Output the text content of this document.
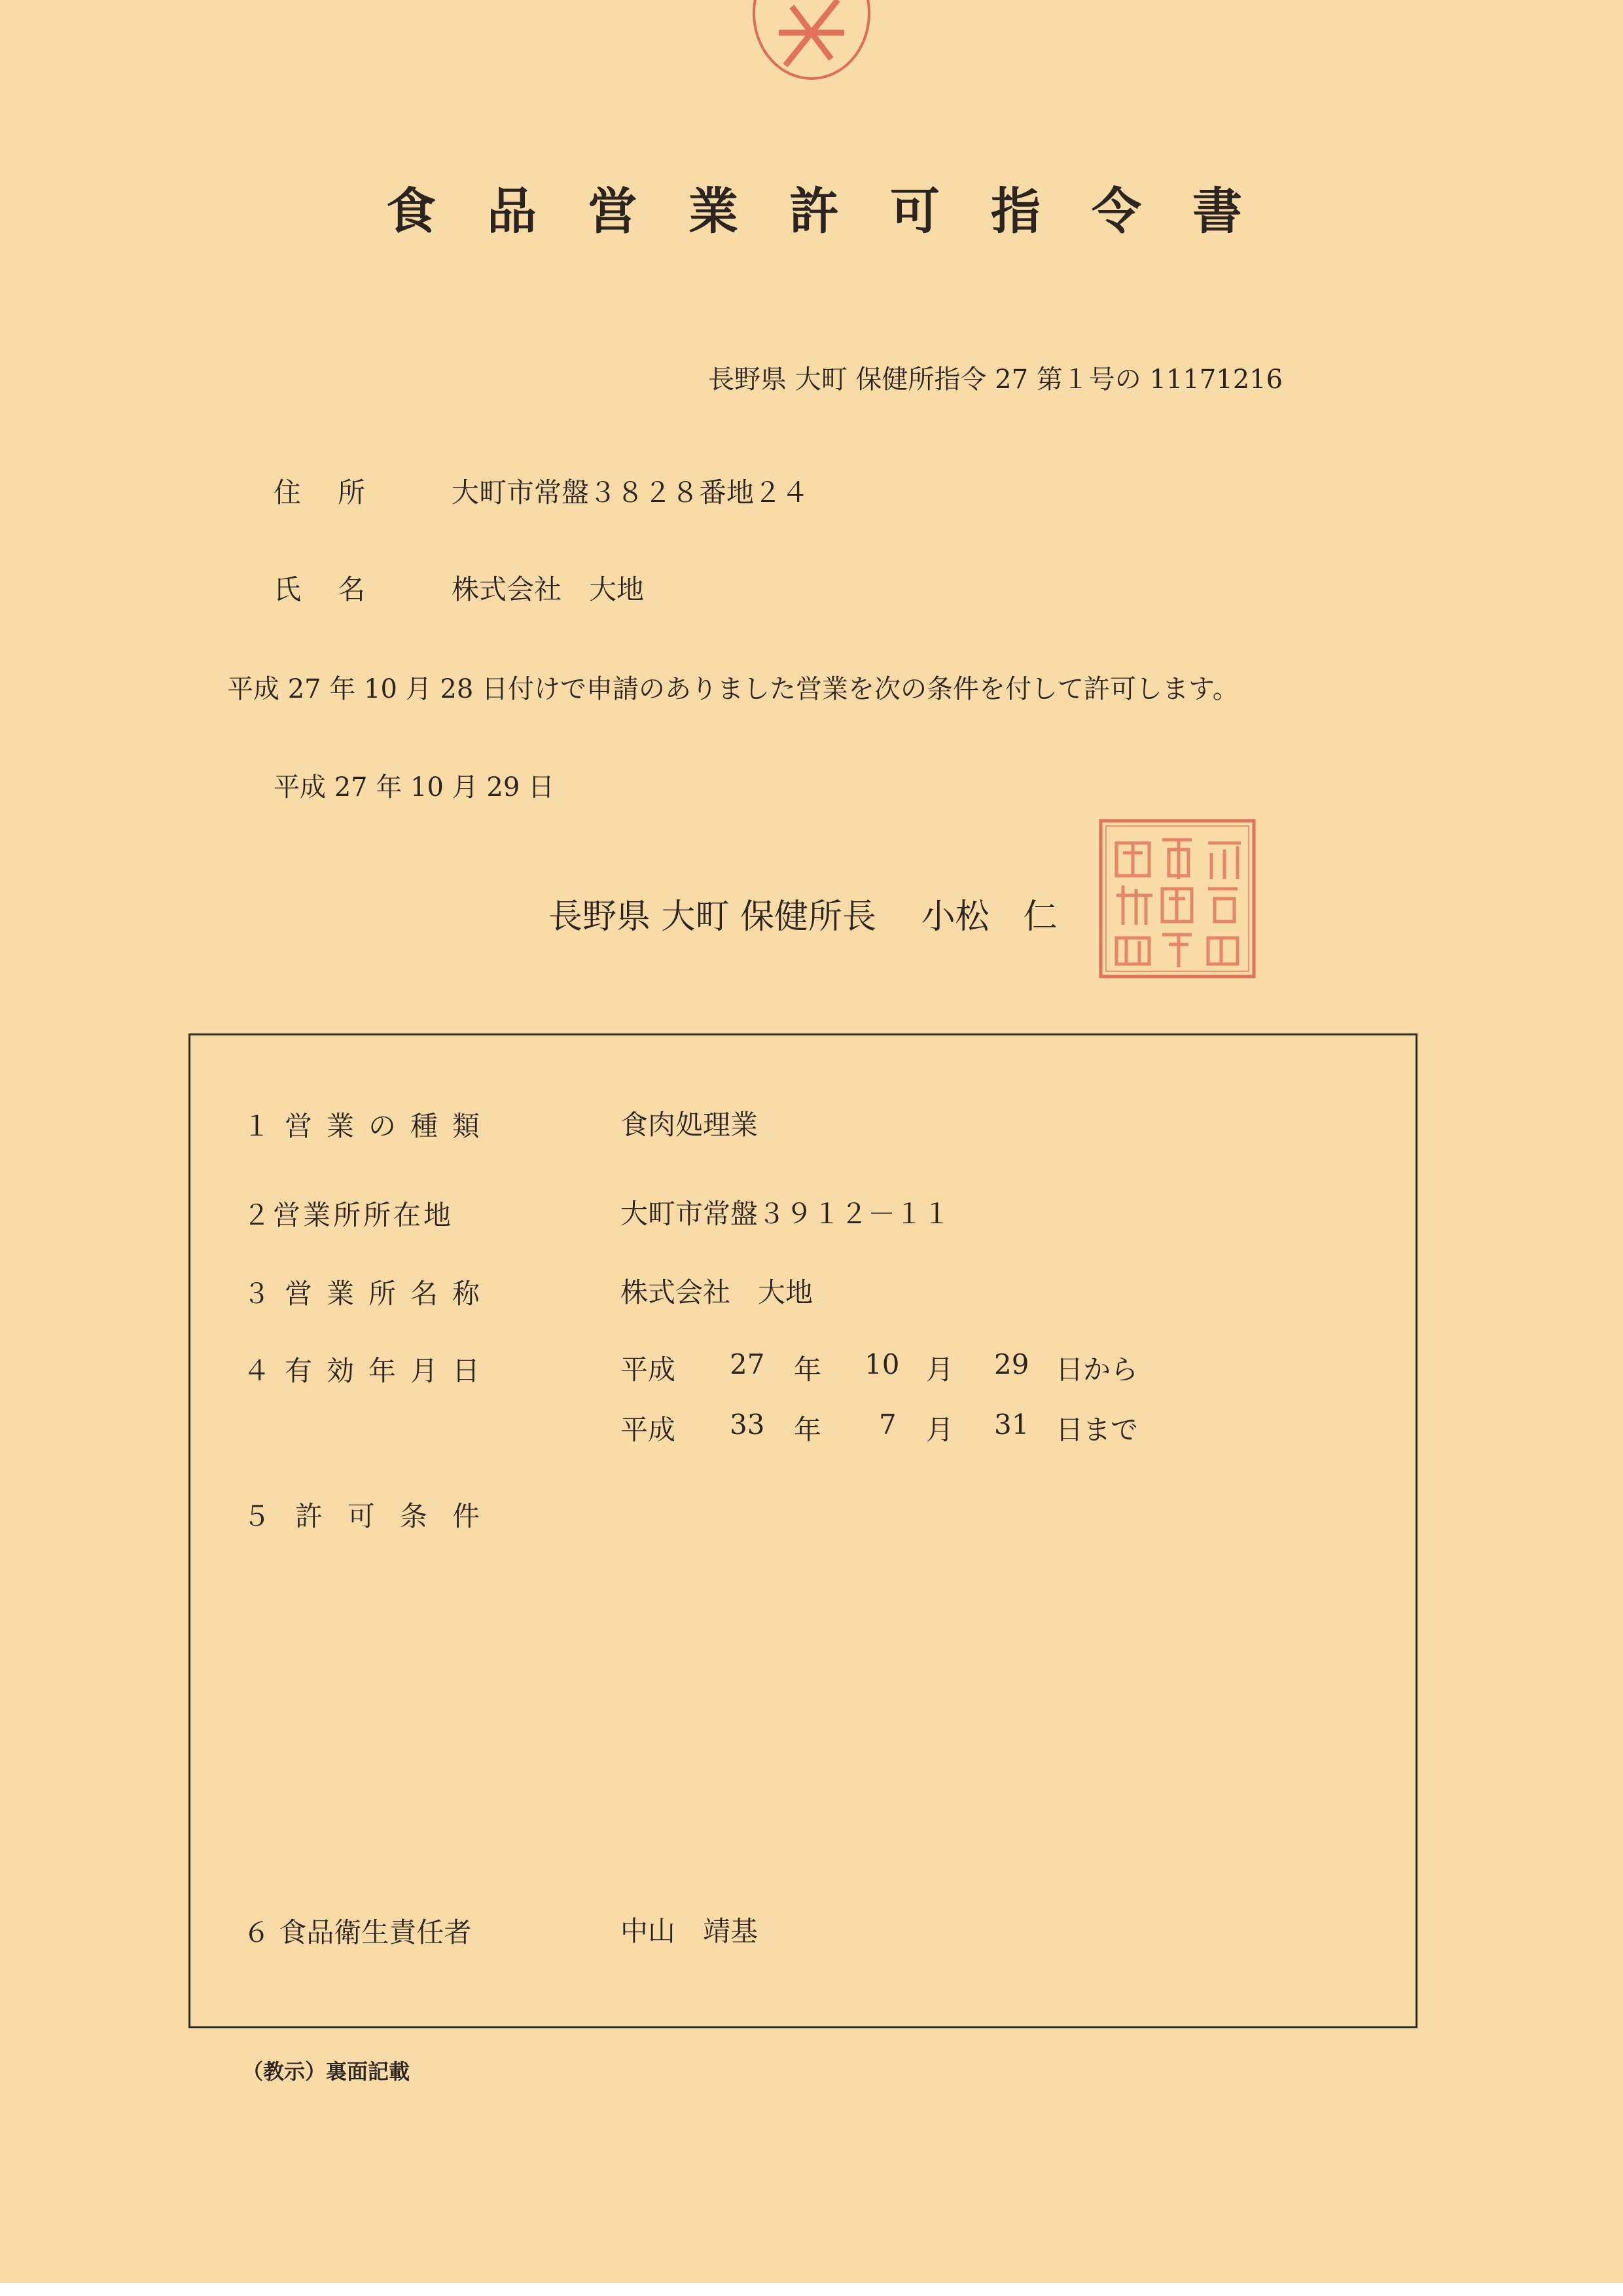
食品営業許可指令書
長野県 大町 保健所指令 27 第１号の 11171216
住所 大町市常盤３８２８番地２４
氏名 株式会社　大地
平成 27 年 10 月 28 日付けで申請のありました営業を次の条件を付して許可します。
平成 27 年 10 月 29 日
長野県 大町 保健所長　 小松　仁
１営業の種類	食肉処理業
２営業所所在地	大町市常盤３９１２－１１
３営業所名称	株式会社　大地
４有効年月日	平成 27 年 10 月 29 日から
平成 33 年 7 月 31 日まで
５許可条件
６ 食品衛生責任者	中山　靖基
（教示）裏面記載
